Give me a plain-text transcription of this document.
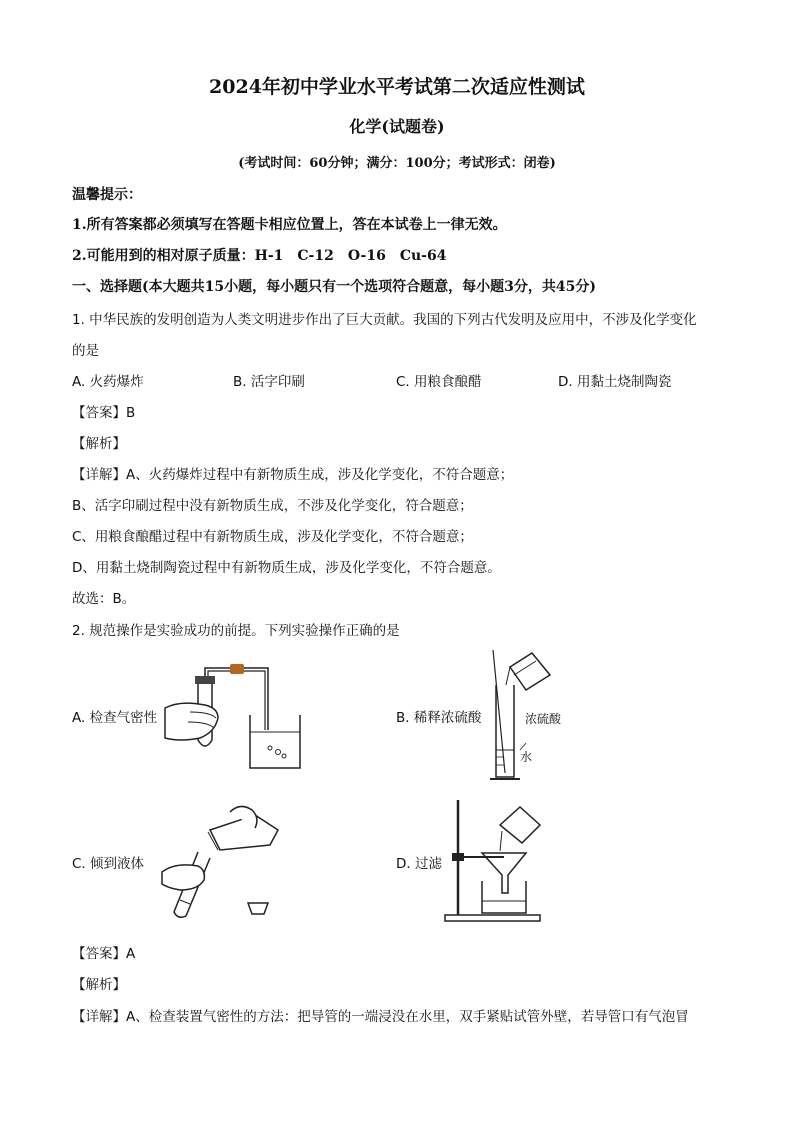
2024年初中学业水平考试第二次适应性测试
化学(试题卷)
(考试时间：60分钟；满分：100分；考试形式：闭卷)
温馨提示：
1.所有答案都必须填写在答题卡相应位置上，答在本试卷上一律无效。
2.可能用到的相对原子质量：H-1　C-12　O-16　Cu-64
一、选择题(本大题共15小题，每小题只有一个选项符合题意，每小题3分，共45分)
1. 中华民族的发明创造为人类文明进步作出了巨大贡献。我国的下列古代发明及应用中，不涉及化学变化
的是
A. 火药爆炸	B. 活字印刷	C. 用粮食酿醋	D. 用黏土烧制陶瓷
【答案】B
【解析】
【详解】A、火药爆炸过程中有新物质生成，涉及化学变化，不符合题意；
B、活字印刷过程中没有新物质生成，不涉及化学变化，符合题意；
C、用粮食酿醋过程中有新物质生成，涉及化学变化，不符合题意；
D、用黏土烧制陶瓷过程中有新物质生成，涉及化学变化，不符合题意。
故选：B。
2. 规范操作是实验成功的前提。下列实验操作正确的是
A. 检查气密性	B. 稀释浓硫酸
C. 倾到液体	D. 过滤
浓硫酸
水
【答案】A
【解析】
【详解】A、检查装置气密性的方法：把导管的一端浸没在水里，双手紧贴试管外壁，若导管口有气泡冒
